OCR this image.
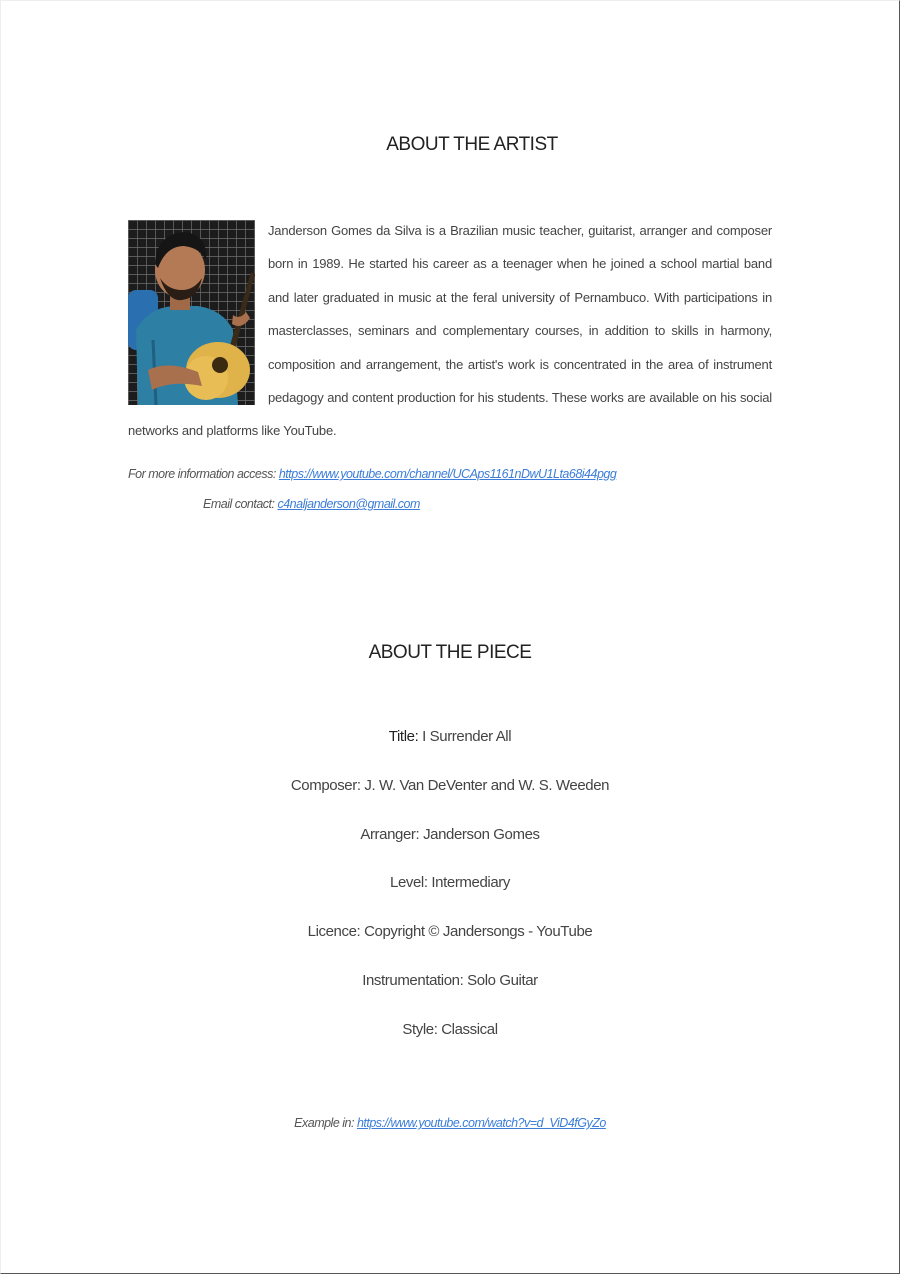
ABOUT THE ARTIST
Janderson Gomes da Silva is a Brazilian music teacher, guitarist, arranger and composer born in 1989. He started his career as a teenager when he joined a school martial band and later graduated in music at the feral university of Pernambuco. With participations in masterclasses, seminars and complementary courses, in addition to skills in harmony, composition and arrangement, the artist's work is concentrated in the area of instrument pedagogy and content production for his students. These works are available on his social networks and platforms like YouTube.
For more information access: https://www.youtube.com/channel/UCAps1161nDwU1Lta68i44pgg
Email contact: c4naljanderson@gmail.com
ABOUT THE PIECE
Title: I Surrender All
Composer: J. W. Van DeVenter and W. S. Weeden
Arranger: Janderson Gomes
Level: Intermediary
Licence: Copyright © Jandersongs - YouTube
Instrumentation: Solo Guitar
Style: Classical
Example in: https://www.youtube.com/watch?v=d_ViD4fGyZo
